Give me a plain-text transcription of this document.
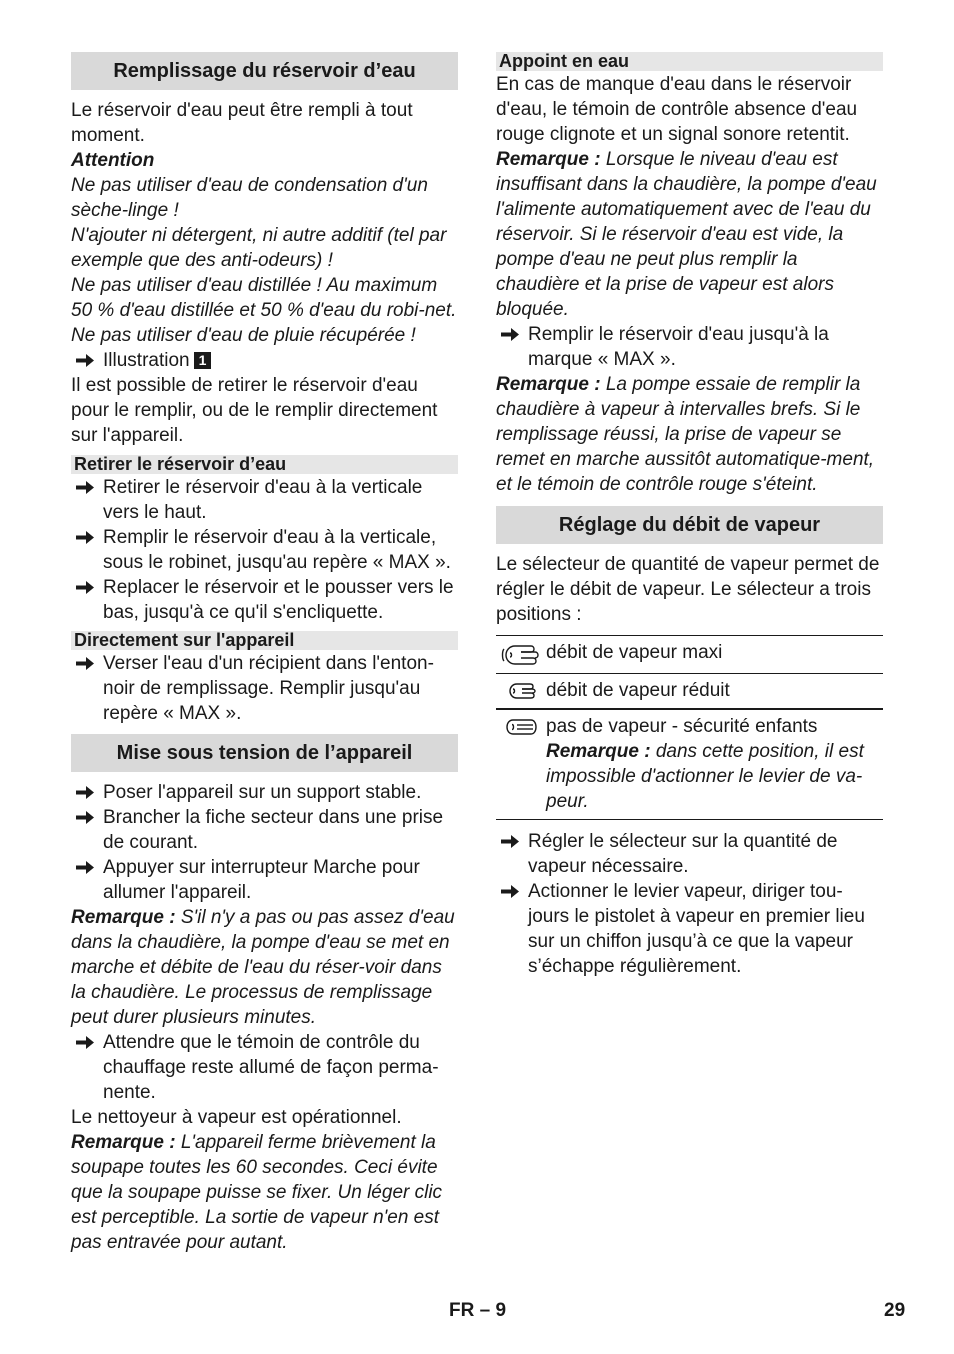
Remplissage du réservoir d’eau

Le réservoir d'eau peut être rempli à tout moment.

Attention

Ne pas utiliser d'eau de condensation d'un sèche-linge !

N'ajouter ni détergent, ni autre additif (tel par exemple que des anti-odeurs) !

Ne pas utiliser d'eau distillée ! Au maximum 50 % d'eau distillée et 50 % d'eau du robi-net.

Ne pas utiliser d'eau de pluie récupérée !

Illustration 1

Il est possible de retirer le réservoir d'eau pour le remplir, ou de le remplir directement sur l'appareil.

Retirer le réservoir d’eau
Retirer le réservoir d'eau à la verticale vers le haut.
Remplir le réservoir d'eau à la verticale, sous le robinet, jusqu'au repère « MAX ».
Replacer le réservoir et le pousser vers le bas, jusqu'à ce qu'il s'encliquette.
Directement sur l'appareil
Verser l'eau d'un récipient dans l'enton-noir de remplissage. Remplir jusqu'au repère « MAX ».
Mise sous tension de l’appareil
Poser l'appareil sur un support stable.
Brancher la fiche secteur dans une prise de courant.
Appuyer sur interrupteur Marche pour allumer l'appareil.

Remarque : S'il n'y a pas ou pas assez d'eau dans la chaudière, la pompe d'eau se met en marche et débite de l'eau du réser-voir dans la chaudière. Le processus de remplissage peut durer plusieurs minutes.

Attendre que le témoin de contrôle du chauffage reste allumé de façon perma-nente.

Le nettoyeur à vapeur est opérationnel.

Remarque : L'appareil ferme brièvement la soupape toutes les 60 secondes. Ceci évite que la soupape puisse se fixer. Un léger clic est perceptible. La sortie de vapeur n'en est pas entravée pour autant.

Appoint en eau

En cas de manque d'eau dans le réservoir d'eau, le témoin de contrôle absence d'eau rouge clignote et un signal sonore retentit.

Remarque : Lorsque le niveau d'eau est insuffisant dans la chaudière, la pompe d'eau l'alimente automatiquement avec de l'eau du réservoir. Si le réservoir d'eau est vide, la pompe d'eau ne peut plus remplir la chaudière et la prise de vapeur est alors bloquée.

Remplir le réservoir d'eau jusqu'à la marque « MAX ».

Remarque : La pompe essaie de remplir la chaudière à vapeur à intervalles brefs. Si le remplissage réussi, la prise de vapeur se remet en marche aussitôt automatique-ment, et le témoin de contrôle rouge s'éteint.

Réglage du débit de vapeur

Le sélecteur de quantité de vapeur permet de régler le débit de vapeur. Le sélecteur a trois positions :

	débit de vapeur maxi

	débit de vapeur réduit

pas de vapeur - sécurité enfants
Remarque : dans cette position, il est impossible d'actionner le levier de va-peur.
Régler le sélecteur sur la quantité de vapeur nécessaire.
Actionner le levier vapeur, diriger tou-jours le pistolet à vapeur en premier lieu sur un chiffon jusqu’à ce que la vapeur s’échappe régulièrement.
FR – 9	29
